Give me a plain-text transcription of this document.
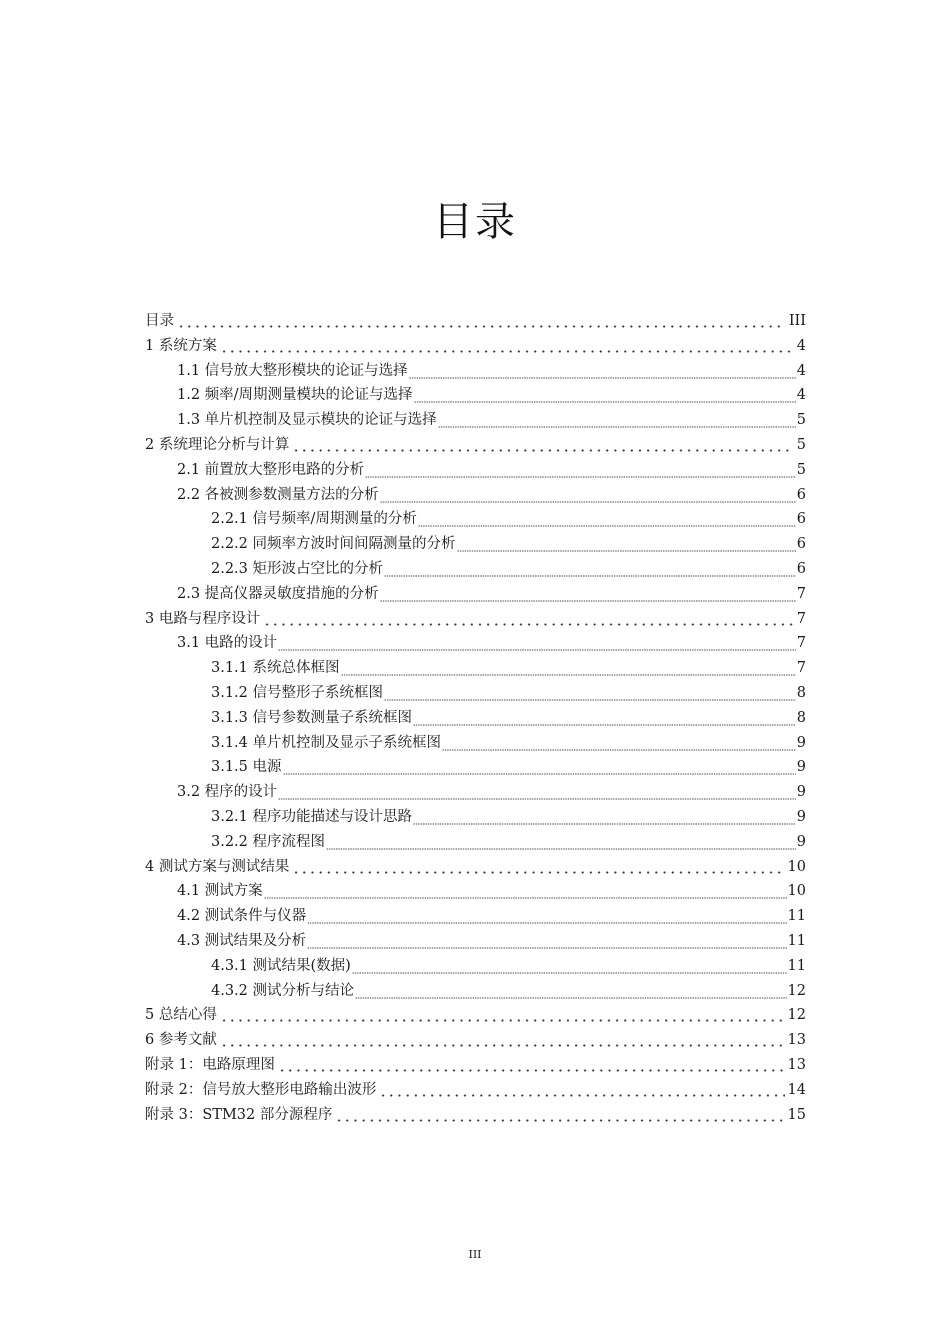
目录
目录	III
1 系统方案	4
1.1 信号放大整形模块的论证与选择	4
1.2 频率/周期测量模块的论证与选择	4
1.3 单片机控制及显示模块的论证与选择	5
2 系统理论分析与计算	5
2.1 前置放大整形电路的分析	5
2.2 各被测参数测量方法的分析	6
2.2.1 信号频率/周期测量的分析	6
2.2.2 同频率方波时间间隔测量的分析	6
2.2.3 矩形波占空比的分析	6
2.3 提高仪器灵敏度措施的分析	7
3 电路与程序设计	7
3.1 电路的设计	7
3.1.1 系统总体框图	7
3.1.2 信号整形子系统框图	8
3.1.3 信号参数测量子系统框图	8
3.1.4 单片机控制及显示子系统框图	9
3.1.5 电源	9
3.2 程序的设计	9
3.2.1 程序功能描述与设计思路	9
3.2.2 程序流程图	9
4 测试方案与测试结果	10
4.1 测试方案	10
4.2 测试条件与仪器	11
4.3 测试结果及分析	11
4.3.1 测试结果(数据)	11
4.3.2 测试分析与结论	12
5 总结心得	12
6 参考文献	13
附录 1：电路原理图	13
附录 2：信号放大整形电路输出波形	14
附录 3：STM32 部分源程序	15
III
